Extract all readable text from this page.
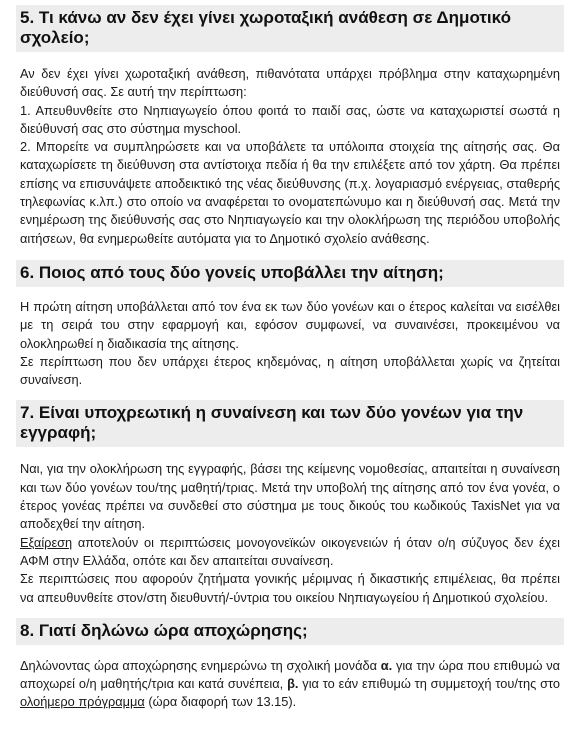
5. Τι κάνω αν δεν έχει γίνει χωροταξική ανάθεση σε Δημοτικό σχολείο;

Αν δεν έχει γίνει χωροταξική ανάθεση, πιθανότατα υπάρχει πρόβλημα στην καταχωρημένη διεύθυνσή σας. Σε αυτή την περίπτωση:

1. Απευθυνθείτε στο Νηπιαγωγείο όπου φοιτά το παιδί σας, ώστε να καταχωριστεί σωστά η διεύθυνσή σας στο σύστημα myschool.

2. Μπορείτε να συμπληρώσετε και να υποβάλετε τα υπόλοιπα στοιχεία της αίτησής σας. Θα καταχωρίσετε τη διεύθυνση στα αντίστοιχα πεδία ή θα την επιλέξετε από τον χάρτη. Θα πρέπει επίσης να επισυνάψετε αποδεικτικό της νέας διεύθυνσης (π.χ. λογαριασμό ενέργειας, σταθερής τηλεφωνίας κ.λπ.) στο οποίο να αναφέρεται το ονοματεπώνυμο και η διεύθυνσή σας. Μετά την ενημέρωση της διεύθυνσής σας στο Νηπιαγωγείο και την ολοκλήρωση της περιόδου υποβολής αιτήσεων, θα ενημερωθείτε αυτόματα για το Δημοτικό σχολείο ανάθεσης.

6. Ποιος από τους δύο γονείς υποβάλλει την αίτηση;

Η πρώτη αίτηση υποβάλλεται από τον ένα εκ των δύο γονέων και ο έτερος καλείται να εισέλθει με τη σειρά του στην εφαρμογή και, εφόσον συμφωνεί, να συναινέσει, προκειμένου να ολοκληρωθεί η διαδικασία της αίτησης.

Σε περίπτωση που δεν υπάρχει έτερος κηδεμόνας, η αίτηση υποβάλλεται χωρίς να ζητείται συναίνεση.

7. Είναι υποχρεωτική η συναίνεση και των δύο γονέων για την εγγραφή;

Ναι, για την ολοκλήρωση της εγγραφής, βάσει της κείμενης νομοθεσίας, απαιτείται η συναίνεση και των δύο γονέων του/της μαθητή/τριας. Μετά την υποβολή της αίτησης από τον ένα γονέα, ο έτερος γονέας πρέπει να συνδεθεί στο σύστημα με τους δικούς του κωδικούς TaxisNet για να αποδεχθεί την αίτηση.

Εξαίρεση αποτελούν οι περιπτώσεις μονογονεϊκών οικογενειών ή όταν ο/η σύζυγος δεν έχει ΑΦΜ στην Ελλάδα, οπότε και δεν απαιτείται συναίνεση.

Σε περιπτώσεις που αφορούν ζητήματα γονικής μέριμνας ή δικαστικής επιμέλειας, θα πρέπει να απευθυνθείτε στον/στη διευθυντή/-ύντρια του οικείου Νηπιαγωγείου ή Δημοτικού σχολείου.

8. Γιατί δηλώνω ώρα αποχώρησης;

Δηλώνοντας ώρα αποχώρησης ενημερώνω τη σχολική μονάδα α. για την ώρα που επιθυμώ να αποχωρεί ο/η μαθητής/τρια και κατά συνέπεια, β. για το εάν επιθυμώ τη συμμετοχή του/της στο ολοήμερο πρόγραμμα (ώρα διαφορή των 13.15).
